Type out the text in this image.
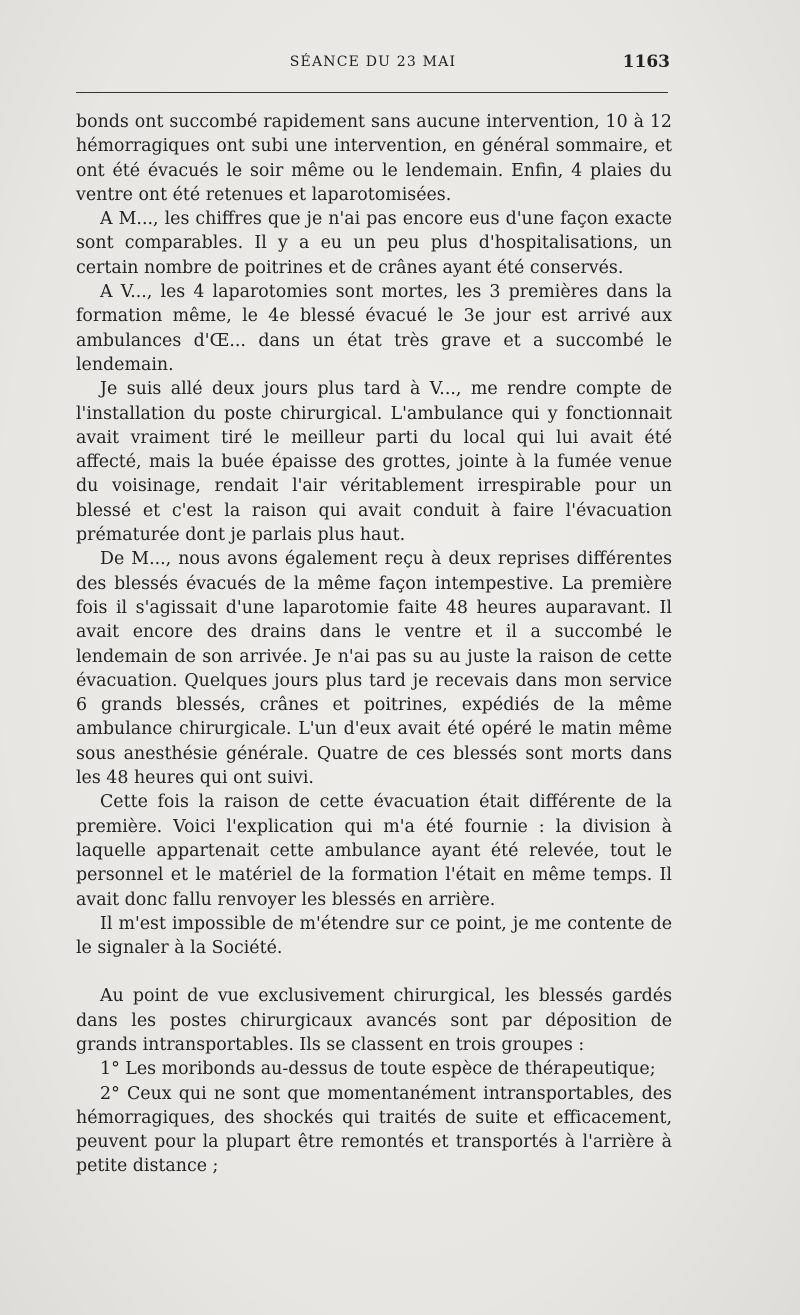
SÉANCE DU 23 MAI	1163

bonds ont succombé rapidement sans aucune intervention, 10 à 12 hémorragiques ont subi une intervention, en général sommaire, et ont été évacués le soir même ou le lendemain. Enfin, 4 plaies du ventre ont été retenues et laparotomisées.

A M..., les chiffres que je n'ai pas encore eus d'une façon exacte sont comparables. Il y a eu un peu plus d'hospitalisations, un certain nombre de poitrines et de crânes ayant été conservés.

A V..., les 4 laparotomies sont mortes, les 3 premières dans la formation même, le 4e blessé évacué le 3e jour est arrivé aux ambulances d'Œ... dans un état très grave et a succombé le lendemain.

Je suis allé deux jours plus tard à V..., me rendre compte de l'installation du poste chirurgical. L'ambulance qui y fonctionnait avait vraiment tiré le meilleur parti du local qui lui avait été affecté, mais la buée épaisse des grottes, jointe à la fumée venue du voisinage, rendait l'air véritablement irrespirable pour un blessé et c'est la raison qui avait conduit à faire l'évacuation prématurée dont je parlais plus haut.

De M..., nous avons également reçu à deux reprises différentes des blessés évacués de la même façon intempestive. La première fois il s'agissait d'une laparotomie faite 48 heures auparavant. Il avait encore des drains dans le ventre et il a succombé le lendemain de son arrivée. Je n'ai pas su au juste la raison de cette évacuation. Quelques jours plus tard je recevais dans mon service 6 grands blessés, crânes et poitrines, expédiés de la même ambulance chirurgicale. L'un d'eux avait été opéré le matin même sous anesthésie générale. Quatre de ces blessés sont morts dans les 48 heures qui ont suivi.

Cette fois la raison de cette évacuation était différente de la première. Voici l'explication qui m'a été fournie : la division à laquelle appartenait cette ambulance ayant été relevée, tout le personnel et le matériel de la formation l'était en même temps. Il avait donc fallu renvoyer les blessés en arrière.

Il m'est impossible de m'étendre sur ce point, je me contente de le signaler à la Société.

Au point de vue exclusivement chirurgical, les blessés gardés dans les postes chirurgicaux avancés sont par déposition de grands intransportables. Ils se classent en trois groupes :

1° Les moribonds au-dessus de toute espèce de thérapeutique;

2° Ceux qui ne sont que momentanément intransportables, des hémorragiques, des shockés qui traités de suite et efficacement, peuvent pour la plupart être remontés et transportés à l'arrière à petite distance ;
